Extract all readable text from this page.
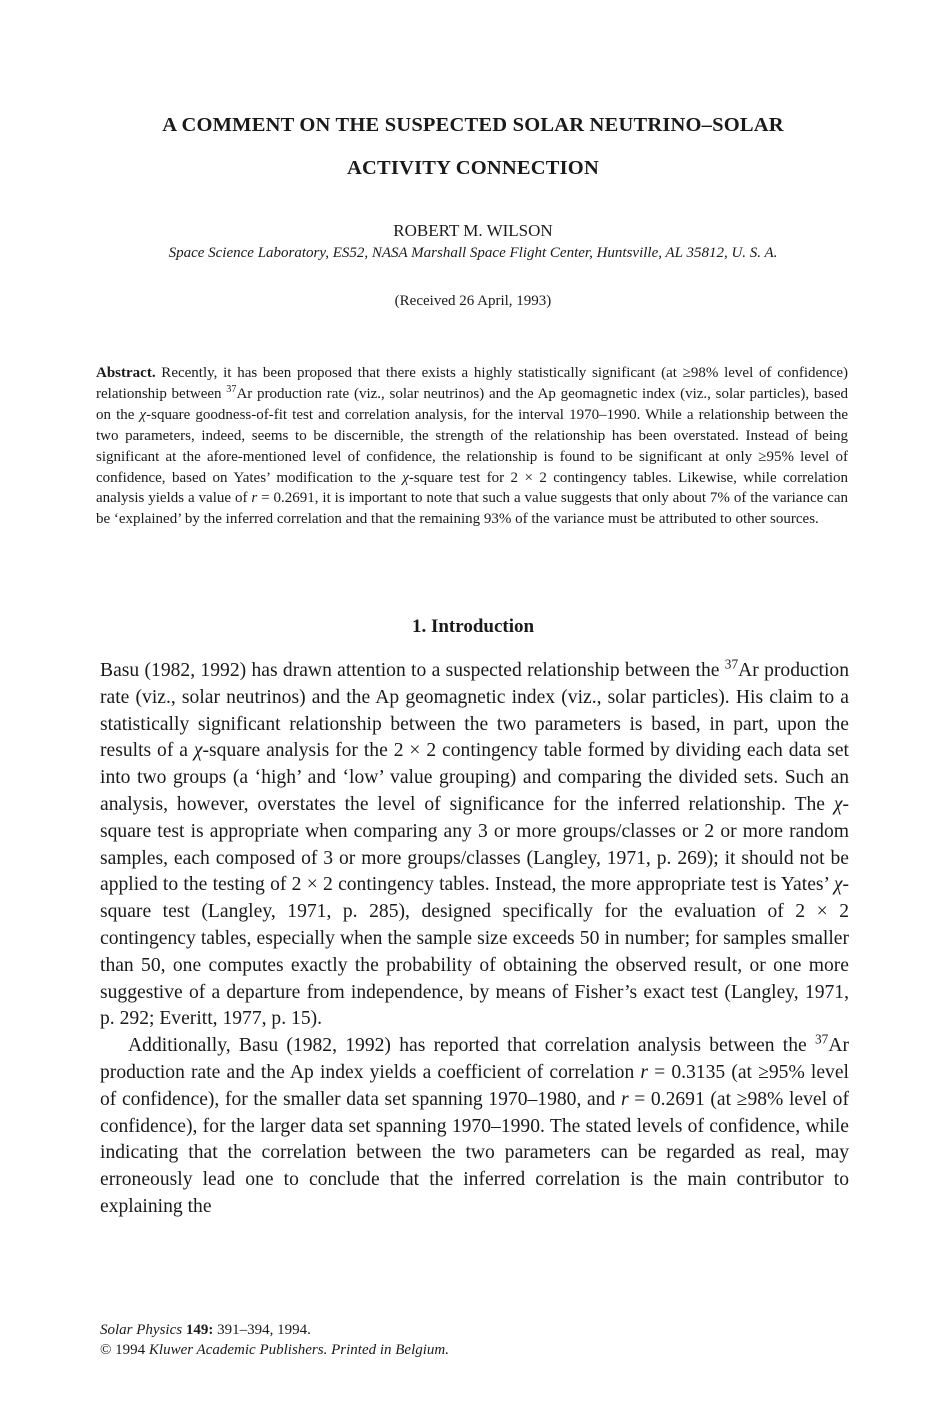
A COMMENT ON THE SUSPECTED SOLAR NEUTRINO–SOLAR
ACTIVITY CONNECTION
ROBERT M. WILSON
Space Science Laboratory, ES52, NASA Marshall Space Flight Center, Huntsville, AL 35812, U. S. A.
(Received 26 April, 1993)

Abstract. Recently, it has been proposed that there exists a highly statistically significant (at ≥98% level of confidence) relationship between $^{37}$Ar production rate (viz., solar neutrinos) and the Ap geomagnetic index (viz., solar particles), based on the χ-square goodness-of-fit test and correlation analysis, for the interval 1970–1990. While a relationship between the two parameters, indeed, seems to be discernible, the strength of the relationship has been overstated. Instead of being significant at the afore-mentioned level of confidence, the relationship is found to be significant at only ≥95% level of confidence, based on Yates’ modification to the χ-square test for 2 × 2 contingency tables. Likewise, while correlation analysis yields a value of r = 0.2691, it is important to note that such a value suggests that only about 7% of the variance can be ‘explained’ by the inferred correlation and that the remaining 93% of the variance must be attributed to other sources.

1. Introduction

Basu (1982, 1992) has drawn attention to a suspected relationship between the $^{37}$Ar production rate (viz., solar neutrinos) and the Ap geomagnetic index (viz., solar particles). His claim to a statistically significant relationship between the two parameters is based, in part, upon the results of a χ-square analysis for the 2 × 2 contingency table formed by dividing each data set into two groups (a ‘high’ and ‘low’ value grouping) and comparing the divided sets. Such an analysis, however, overstates the level of significance for the inferred relationship. The χ-square test is appropriate when comparing any 3 or more groups/classes or 2 or more random samples, each composed of 3 or more groups/classes (Langley, 1971, p. 269); it should not be applied to the testing of 2 × 2 contingency tables. Instead, the more appropriate test is Yates’ χ-square test (Langley, 1971, p. 285), designed specifically for the evaluation of 2 × 2 contingency tables, especially when the sample size exceeds 50 in number; for samples smaller than 50, one computes exactly the probability of obtaining the observed result, or one more suggestive of a departure from independence, by means of Fisher’s exact test (Langley, 1971, p. 292; Everitt, 1977, p. 15).

Additionally, Basu (1982, 1992) has reported that correlation analysis between the $^{37}$Ar production rate and the Ap index yields a coefficient of correlation r = 0.3135 (at ≥95% level of confidence), for the smaller data set spanning 1970–1980, and r = 0.2691 (at ≥98% level of confidence), for the larger data set spanning 1970–1990. The stated levels of confidence, while indicating that the correlation between the two parameters can be regarded as real, may erroneously lead one to conclude that the inferred correlation is the main contributor to explaining the

Solar Physics 149: 391–394, 1994.
© 1994 Kluwer Academic Publishers. Printed in Belgium.
